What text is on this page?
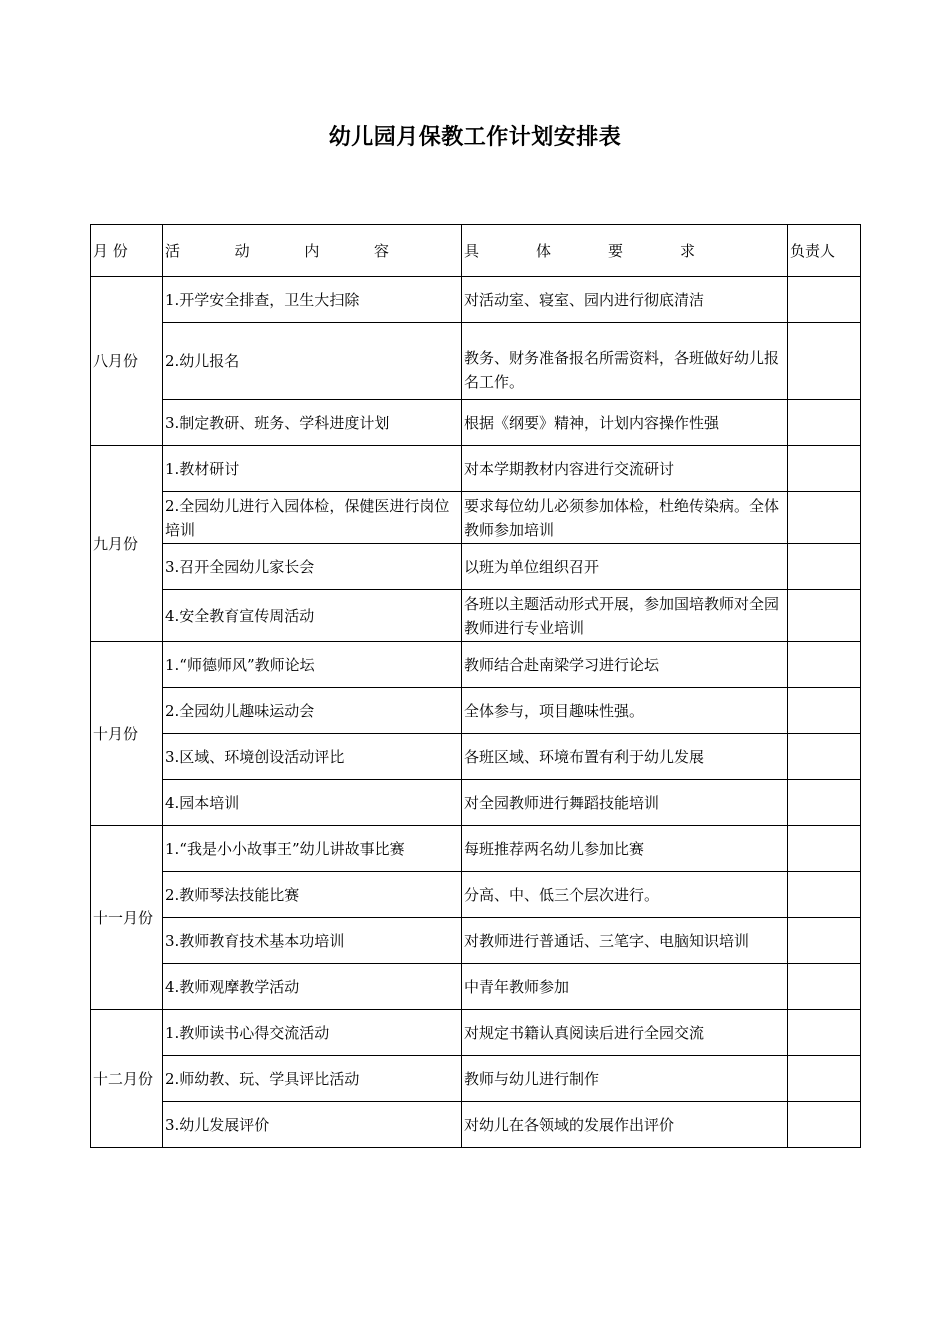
幼儿园月保教工作计划安排表
月 份	活 动 内 容	具 体 要 求	负责人
八月份	1.开学安全排查，卫生大扫除	对活动室、寝室、园内进行彻底清洁	
	2.幼儿报名	教务、财务准备报名所需资料，各班做好幼儿报名工作。	
	3.制定教研、班务、学科进度计划	根据《纲要》精神，计划内容操作性强	
九月份	1.教材研讨	对本学期教材内容进行交流研讨	
	2.全园幼儿进行入园体检，保健医进行岗位培训	要求每位幼儿必须参加体检，杜绝传染病。全体教师参加培训	
	3.召开全园幼儿家长会	以班为单位组织召开	
	4.安全教育宣传周活动	各班以主题活动形式开展，参加国培教师对全园教师进行专业培训	
十月份	1.“师德师风”教师论坛	教师结合赴南梁学习进行论坛	
	2.全园幼儿趣味运动会	全体参与，项目趣味性强。	
	3.区域、环境创设活动评比	各班区域、环境布置有利于幼儿发展	
	4.园本培训	对全园教师进行舞蹈技能培训	
十一月份	1.“我是小小故事王”幼儿讲故事比赛	每班推荐两名幼儿参加比赛	
	2.教师琴法技能比赛	分高、中、低三个层次进行。	
	3.教师教育技术基本功培训	对教师进行普通话、三笔字、电脑知识培训	
	4.教师观摩教学活动	中青年教师参加	
十二月份	1.教师读书心得交流活动	对规定书籍认真阅读后进行全园交流	
	2.师幼教、玩、学具评比活动	教师与幼儿进行制作	
	3.幼儿发展评价	对幼儿在各领域的发展作出评价	
